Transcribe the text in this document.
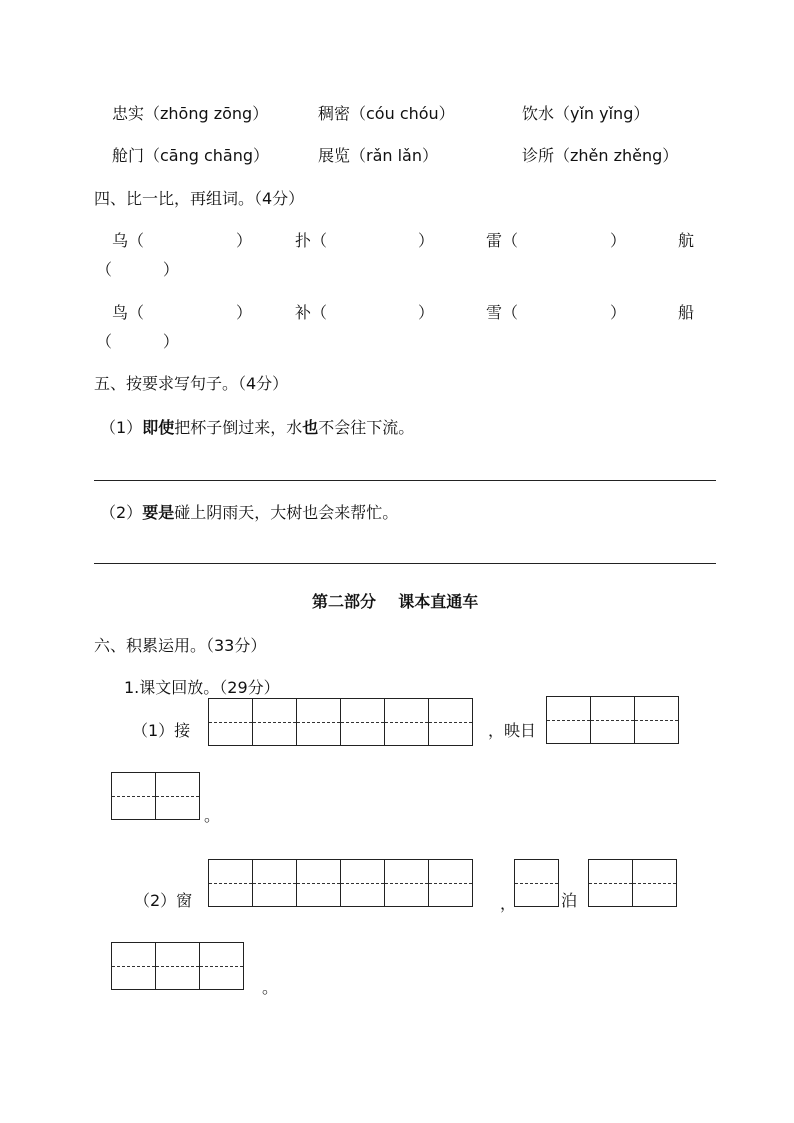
忠实（zhōng zōng）	稠密（cóu chóu）	饮水（yǐn yǐng）
舱门（cāng chāng）	展览（rǎn lǎn）	诊所（zhěn zhěng）
四、比一比，再组词。（4分）
乌（	）	扑（	）	雷（	）	航
（          ）
鸟（	）	补（	）	雪（	）	船
（          ）
五、按要求写句子。（4分）
（1）即使把杯子倒过来，水也不会往下流。
（2）要是碰上阴雨天，大树也会来帮忙。
第二部分    课本直通车
六、积累运用。（33分）
1.课文回放。（29分）
（1）接	，映日
。
（2）窗	，	泊
。
